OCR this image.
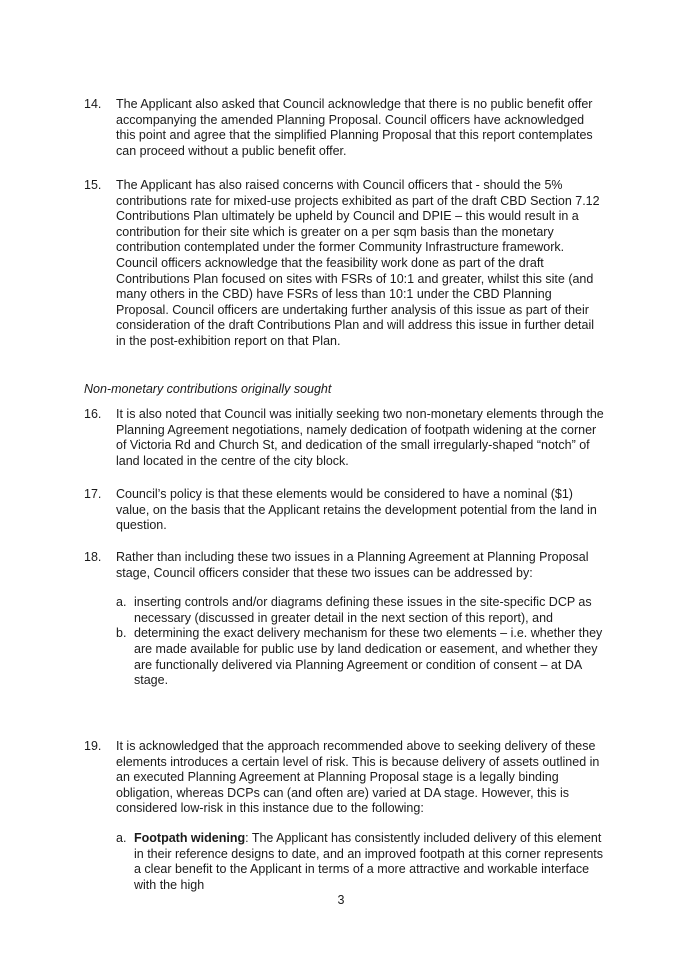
14.	The Applicant also asked that Council acknowledge that there is no public benefit offer accompanying the amended Planning Proposal. Council officers have acknowledged this point and agree that the simplified Planning Proposal that this report contemplates can proceed without a public benefit offer.
15.	The Applicant has also raised concerns with Council officers that - should the 5% contributions rate for mixed-use projects exhibited as part of the draft CBD Section 7.12 Contributions Plan ultimately be upheld by Council and DPIE – this would result in a contribution for their site which is greater on a per sqm basis than the monetary contribution contemplated under the former Community Infrastructure framework. Council officers acknowledge that the feasibility work done as part of the draft Contributions Plan focused on sites with FSRs of 10:1 and greater, whilst this site (and many others in the CBD) have FSRs of less than 10:1 under the CBD Planning Proposal. Council officers are undertaking further analysis of this issue as part of their consideration of the draft Contributions Plan and will address this issue in further detail in the post-exhibition report on that Plan.
Non-monetary contributions originally sought
16.	It is also noted that Council was initially seeking two non-monetary elements through the Planning Agreement negotiations, namely dedication of footpath widening at the corner of Victoria Rd and Church St, and dedication of the small irregularly-shaped “notch” of land located in the centre of the city block.
17.	Council’s policy is that these elements would be considered to have a nominal ($1) value, on the basis that the Applicant retains the development potential from the land in question.
18.	Rather than including these two issues in a Planning Agreement at Planning Proposal stage, Council officers consider that these two issues can be addressed by:
a. inserting controls and/or diagrams defining these issues in the site-specific DCP as necessary (discussed in greater detail in the next section of this report), and
b. determining the exact delivery mechanism for these two elements – i.e. whether they are made available for public use by land dedication or easement, and whether they are functionally delivered via Planning Agreement or condition of consent – at DA stage.
19.	It is acknowledged that the approach recommended above to seeking delivery of these elements introduces a certain level of risk. This is because delivery of assets outlined in an executed Planning Agreement at Planning Proposal stage is a legally binding obligation, whereas DCPs can (and often are) varied at DA stage. However, this is considered low-risk in this instance due to the following:
a. Footpath widening: The Applicant has consistently included delivery of this element in their reference designs to date, and an improved footpath at this corner represents a clear benefit to the Applicant in terms of a more attractive and workable interface with the high
3
